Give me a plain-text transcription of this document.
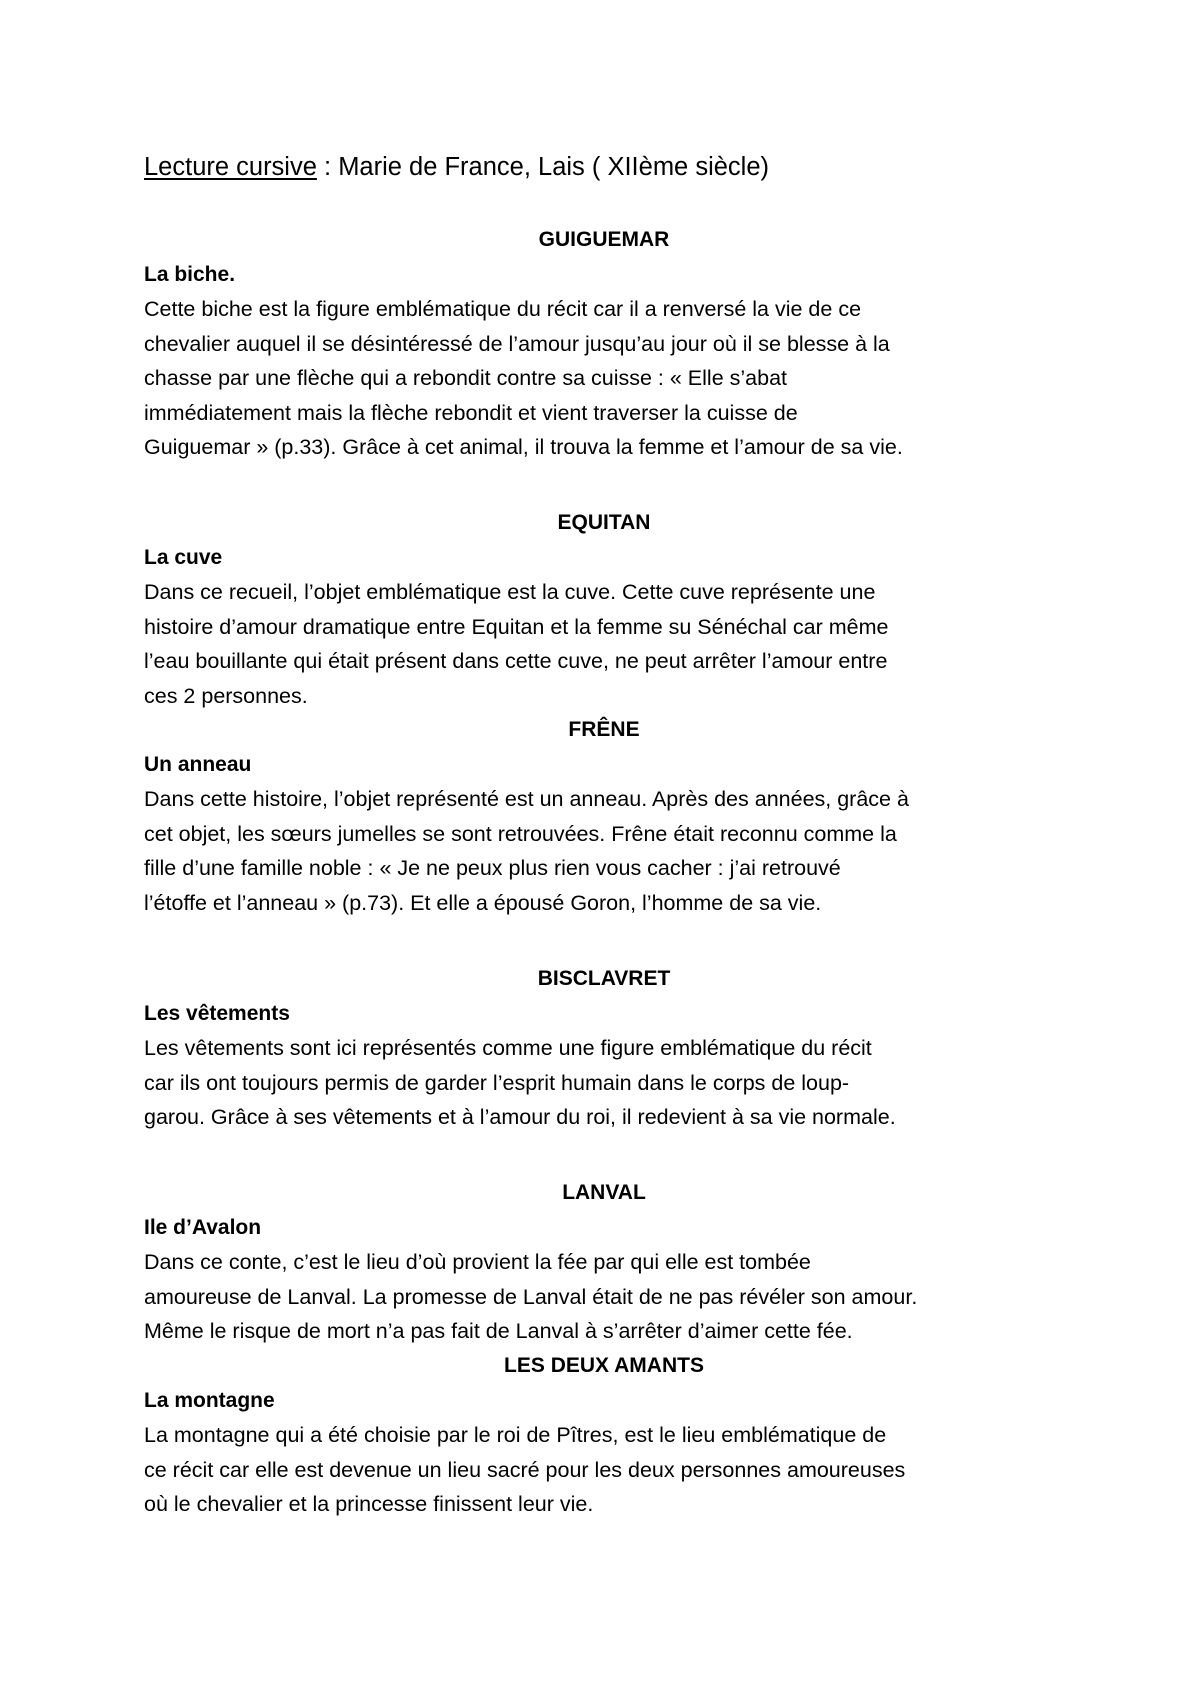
Lecture cursive : Marie de France, Lais ( XIIème siècle)
GUIGUEMAR
La biche.
Cette biche est la figure emblématique du récit car il a renversé la vie de ce
chevalier auquel il se désintéressé de l’amour jusqu’au jour où il se blesse à la
chasse par une flèche qui a rebondit contre sa cuisse : « Elle s’abat
immédiatement mais la flèche rebondit et vient traverser la cuisse de
Guiguemar » (p.33). Grâce à cet animal, il trouva la femme et l’amour de sa vie.
EQUITAN
La cuve
Dans ce recueil, l’objet emblématique est la cuve. Cette cuve représente une
histoire d’amour dramatique entre Equitan et la femme su Sénéchal car même
l’eau bouillante qui était présent dans cette cuve, ne peut arrêter l’amour entre
ces 2 personnes.
FRÊNE
Un anneau
Dans cette histoire, l’objet représenté est un anneau. Après des années, grâce à
cet objet, les sœurs jumelles se sont retrouvées. Frêne était reconnu comme la
fille d’une famille noble : « Je ne peux plus rien vous cacher : j’ai retrouvé
l’étoffe et l’anneau » (p.73). Et elle a épousé Goron, l’homme de sa vie.
BISCLAVRET
Les vêtements
Les vêtements sont ici représentés comme une figure emblématique du récit
car ils ont toujours permis de garder l’esprit humain dans le corps de loup-
garou. Grâce à ses vêtements et à l’amour du roi, il redevient à sa vie normale.
LANVAL
Ile d’Avalon
Dans ce conte, c’est le lieu d’où provient la fée par qui elle est tombée
amoureuse de Lanval. La promesse de Lanval était de ne pas révéler son amour.
Même le risque de mort n’a pas fait de Lanval à s’arrêter d’aimer cette fée.
LES DEUX AMANTS
La montagne
La montagne qui a été choisie par le roi de Pîtres, est le lieu emblématique de
ce récit car elle est devenue un lieu sacré pour les deux personnes amoureuses
où le chevalier et la princesse finissent leur vie.
